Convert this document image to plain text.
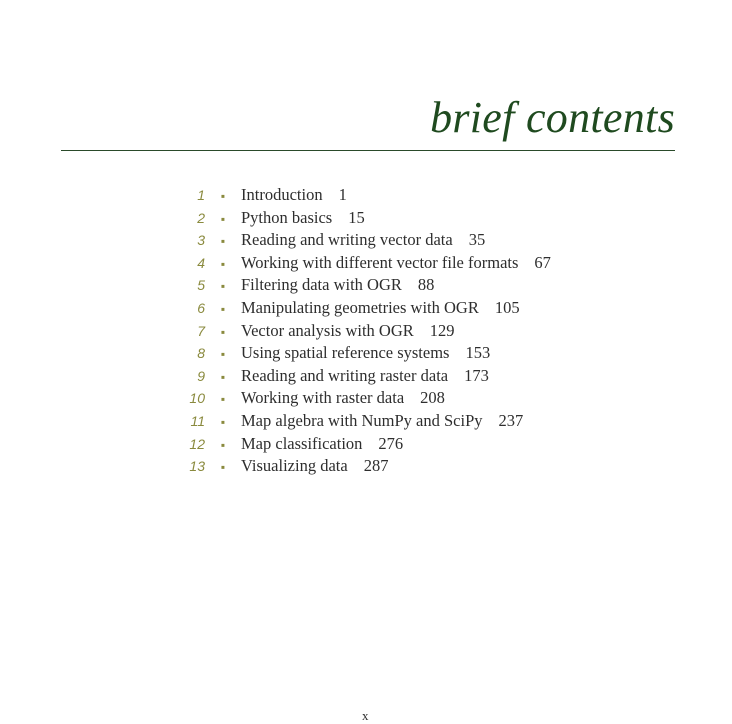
brief contents
1	▪ Introduction 1
2	▪ Python basics 15
3	▪ Reading and writing vector data 35
4	▪ Working with different vector file formats 67
5	▪ Filtering data with OGR 88
6	▪ Manipulating geometries with OGR 105
7	▪ Vector analysis with OGR 129
8	▪ Using spatial reference systems 153
9	▪ Reading and writing raster data 173
10	▪ Working with raster data 208
11	▪ Map algebra with NumPy and SciPy 237
12	▪ Map classification 276
13	▪ Visualizing data 287
x
